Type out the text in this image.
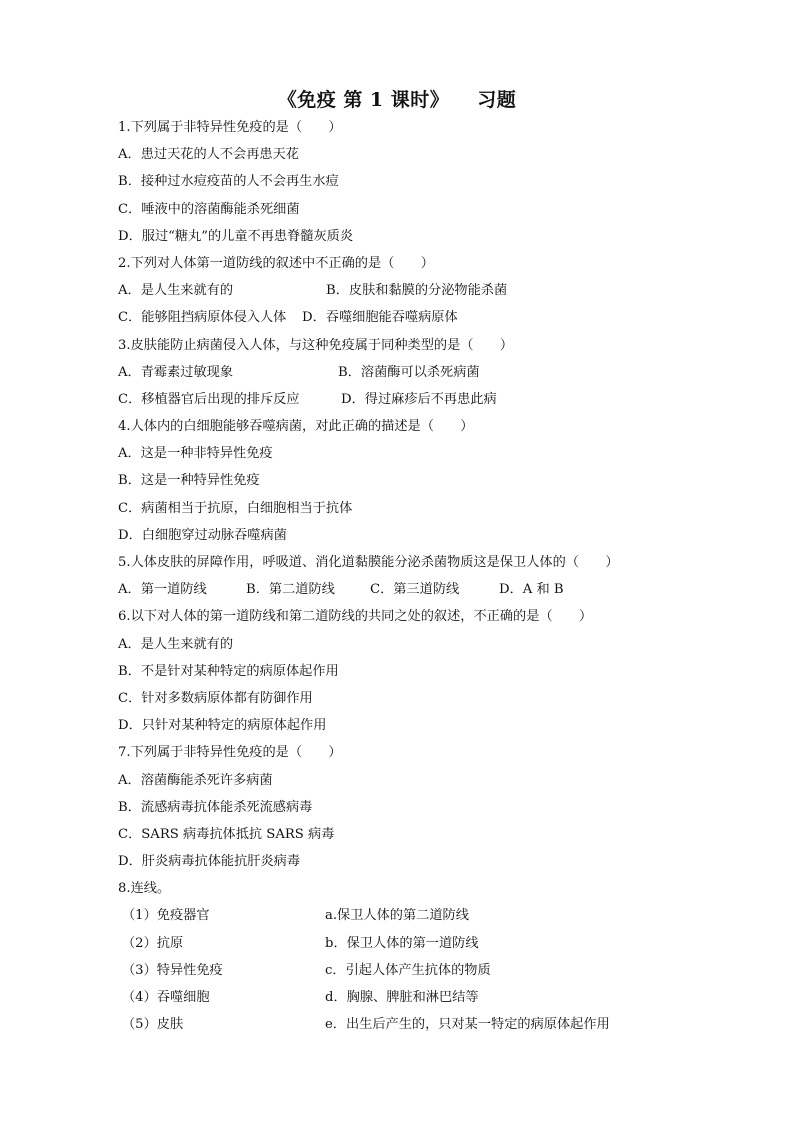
《免疫 第 1 课时》 习题
1.下列属于非特异性免疫的是（　　）
A．患过天花的人不会再患天花
B．接种过水痘疫苗的人不会再生水痘
C．唾液中的溶菌酶能杀死细菌
D．服过“糖丸”的儿童不再患脊髓灰质炎
2.下列对人体第一道防线的叙述中不正确的是（　　）
A．是人生来就有的	B．皮肤和黏膜的分泌物能杀菌
C．能够阻挡病原体侵入人体 D．吞噬细胞能吞噬病原体
3.皮肤能防止病菌侵入人体，与这种免疫属于同种类型的是（　　）
A．青霉素过敏现象	B．溶菌酶可以杀死病菌
C．移植器官后出现的排斥反应	D．得过麻疹后不再患此病
4.人体内的白细胞能够吞噬病菌，对此正确的描述是（　　）
A．这是一种非特异性免疫
B．这是一种特异性免疫
C．病菌相当于抗原，白细胞相当于抗体
D．白细胞穿过动脉吞噬病菌
5.人体皮肤的屏障作用，呼吸道、消化道黏膜能分泌杀菌物质这是保卫人体的（　　）
A．第一道防线	B．第二道防线	C．第三道防线	D．A 和 B
6.以下对人体的第一道防线和第二道防线的共同之处的叙述，不正确的是（　　）
A．是人生来就有的
B．不是针对某种特定的病原体起作用
C．针对多数病原体都有防御作用
D．只针对某种特定的病原体起作用
7.下列属于非特异性免疫的是（　　）
A．溶菌酶能杀死许多病菌
B．流感病毒抗体能杀死流感病毒
C．SARS 病毒抗体抵抗 SARS 病毒
D．肝炎病毒抗体能抗肝炎病毒
8.连线。
（1）免疫器官	a.保卫人体的第二道防线
（2）抗原	b．保卫人体的第一道防线
（3）特异性免疫	c．引起人体产生抗体的物质
（4）吞噬细胞	d．胸腺、脾脏和淋巴结等
（5）皮肤	e．出生后产生的，只对某一特定的病原体起作用
